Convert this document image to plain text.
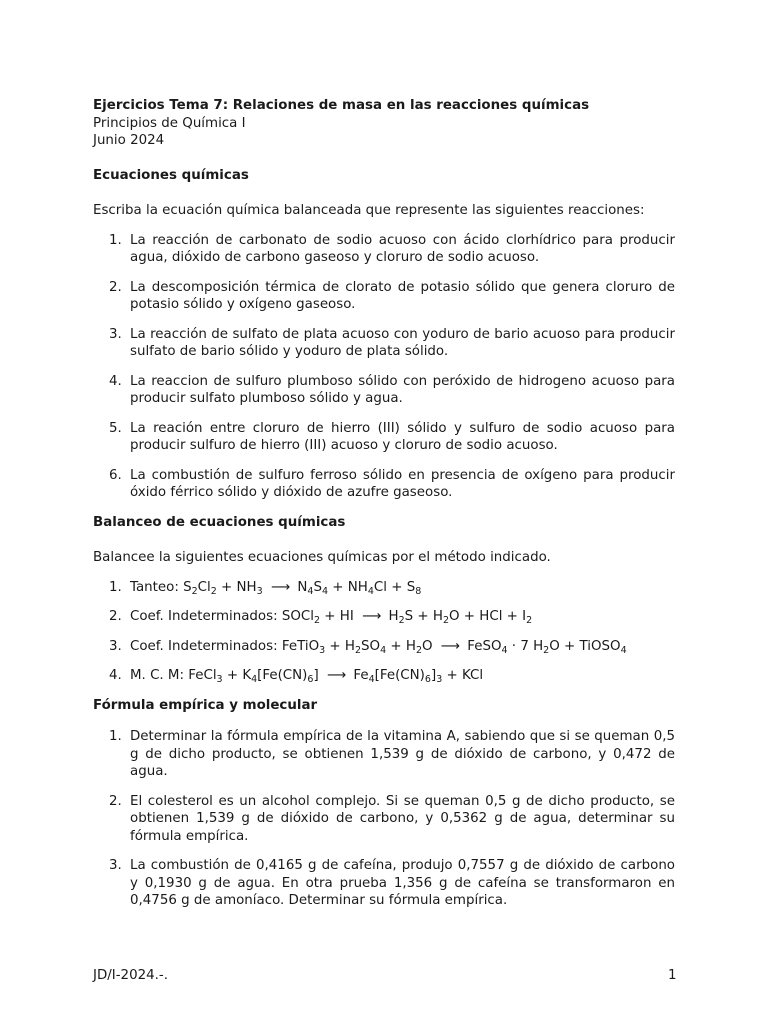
Ejercicios Tema 7: Relaciones de masa en las reacciones químicas
Principios de Química I
Junio 2024
Ecuaciones químicas
Escriba la ecuación química balanceada que represente las siguientes reacciones:
1. La reacción de carbonato de sodio acuoso con ácido clorhídrico para producir agua, dióxido de carbono gaseoso y cloruro de sodio acuoso.
2. La descomposición térmica de clorato de potasio sólido que genera cloruro de potasio sólido y oxígeno gaseoso.
3. La reacción de sulfato de plata acuoso con yoduro de bario acuoso para producir sulfato de bario sólido y yoduro de plata sólido.
4. La reaccion de sulfuro plumboso sólido con peróxido de hidrogeno acuoso para producir sulfato plumboso sólido y agua.
5. La reación entre cloruro de hierro (III) sólido y sulfuro de sodio acuoso para producir sulfuro de hierro (III) acuoso y cloruro de sodio acuoso.
6. La combustión de sulfuro ferroso sólido en presencia de oxígeno para producir óxido férrico sólido y dióxido de azufre gaseoso.
Balanceo de ecuaciones químicas
Balancee la siguientes ecuaciones químicas por el método indicado.
1. Tanteo: $S_2Cl_2 + NH_3$ ⟶ $N_4S_4 + NH_4Cl + S_8$
2. Coef. Indeterminados: SOCl$_2$ + HI ⟶ $H_2S + H_2O$ + HCl + $I_2$
3. Coef. Indeterminados: FeTiO$_3$ + $H_2SO_4 + H_2O$ ⟶ FeSO$_4$ · 7 $H_2O$ + TiOSO$_4$
4. M. C. M: FeCl$_3$ + $K_4[Fe(CN)_6]$ ⟶ $Fe_4[Fe(CN)_6]_3$ + KCl
Fórmula empírica y molecular
1. Determinar la fórmula empírica de la vitamina A, sabiendo que si se queman 0,5 g de dicho producto, se obtienen 1,539 g de dióxido de carbono, y 0,472 de agua.
2. El colesterol es un alcohol complejo. Si se queman 0,5 g de dicho producto, se obtienen 1,539 g de dióxido de carbono, y 0,5362 g de agua, determinar su fórmula empírica.
3. La combustión de 0,4165 g de cafeína, produjo 0,7557 g de dióxido de carbono y 0,1930 g de agua. En otra prueba 1,356 g de cafeína se transformaron en 0,4756 g de amoníaco. Determinar su fórmula empírica.
JD/I-2024.-.	1
